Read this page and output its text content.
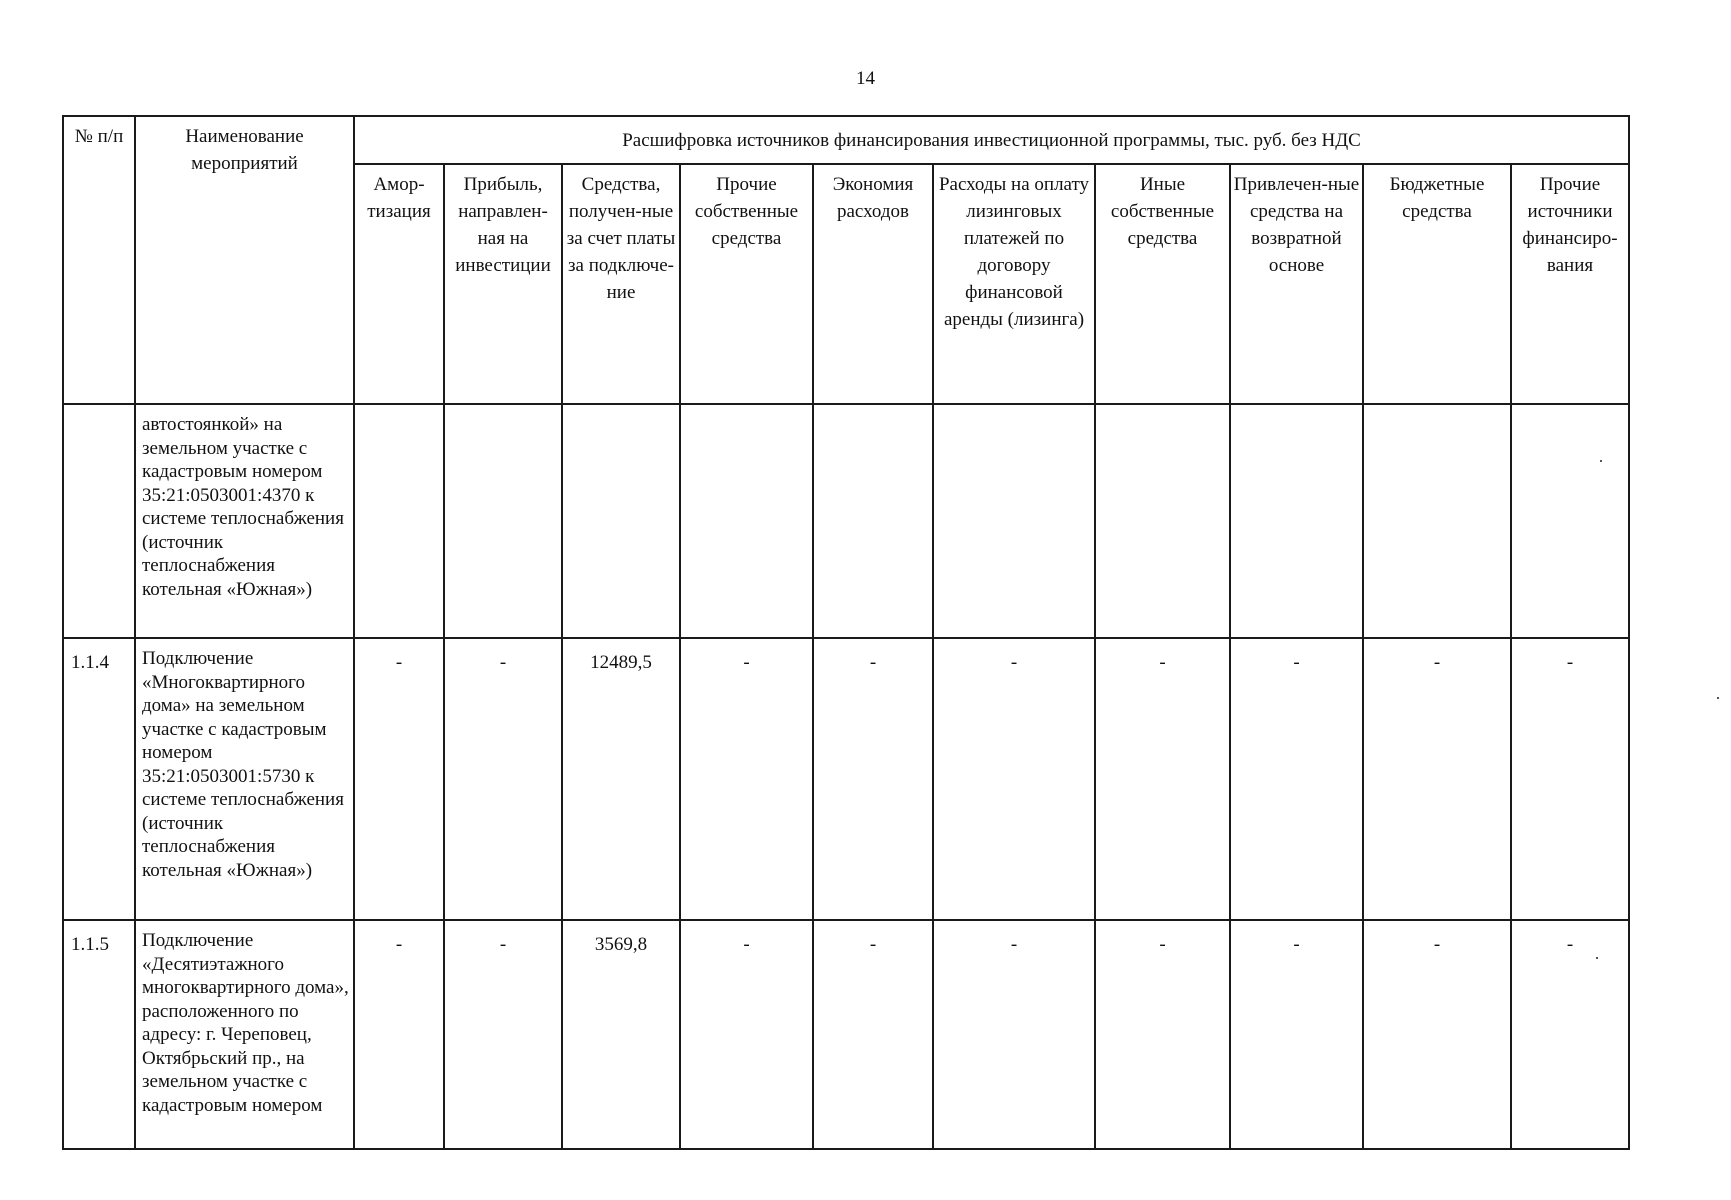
14
№ п/п	Наименование мероприятий	Расшифровка источников финансирования инвестиционной программы, тыс. руб. без НДС									
		Амор-тизация	Прибыль, направлен-ная на инвестиции	Средства, получен-ные за счет платы за подключе-ние	Прочие собственные средства	Экономия расходов	Расходы на оплату лизинговых платежей по договору финансовой аренды (лизинга)	Иные собственные средства	Привлечен-ные средства на возвратной основе	Бюджетные средства	Прочие источники финансиро-вания
	автостоянкой» на земельном участке с кадастровым номером 35:21:0503001:4370 к системе теплоснабжения (источник теплоснабжения котельная «Южная»)										
1.1.4	Подключение «Многоквартирного дома» на земельном участке с кадастровым номером 35:21:0503001:5730 к системе теплоснабжения (источник теплоснабжения котельная «Южная»)	-	-	12489,5	-	-	-	-	-	-	-
1.1.5	Подключение «Десятиэтажного многоквартирного дома», расположенного по адресу: г. Череповец, Октябрьский пр., на земельном участке с кадастровым номером	-	-	3569,8	-	-	-	-	-	-	-
